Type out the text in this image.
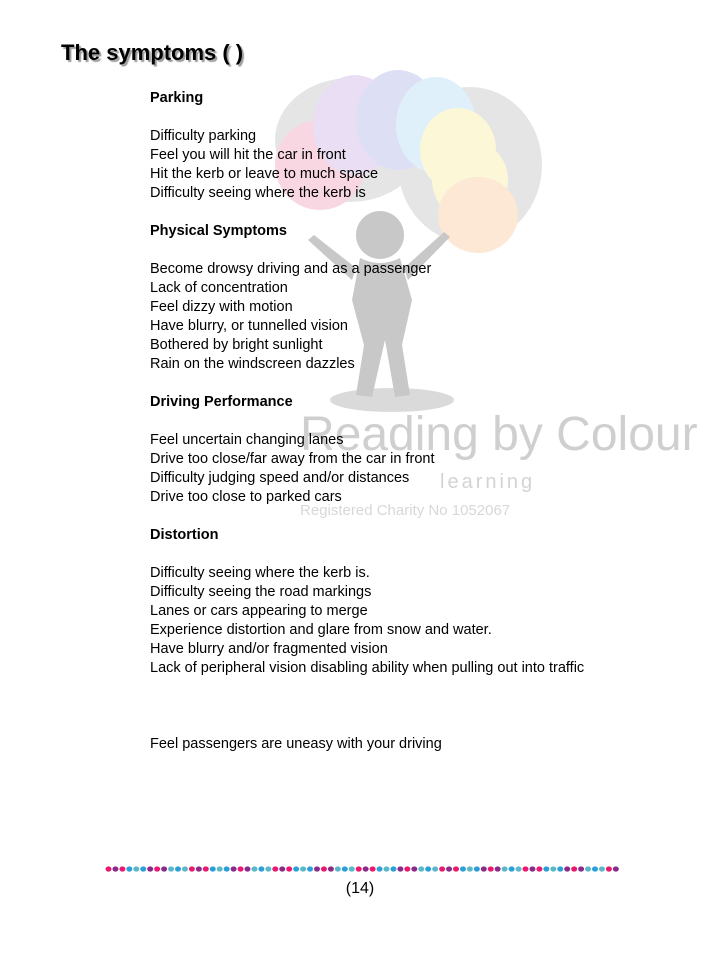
The symptoms ( )
Reading by Colour
learning
Registered Charity No 1052067
Parking
Difficulty parking
Feel you will hit the car in front
Hit the kerb or leave to much space
Difficulty seeing where the kerb is
Physical Symptoms
Become drowsy driving and as a passenger
Lack of concentration
Feel dizzy with motion
Have blurry, or tunnelled vision
Bothered by bright sunlight
Rain on the windscreen dazzles
Driving Performance
Feel uncertain changing lanes
Drive too close/far away from the car in front
Difficulty judging speed and/or distances
Drive too close to parked cars
Distortion
Difficulty seeing where the kerb is.
Difficulty seeing the road markings
Lanes or cars appearing to merge
Experience distortion and glare from snow and water.
Have blurry and/or fragmented vision
Lack of peripheral vision disabling ability when pulling out into traffic
Feel passengers are uneasy with your driving
(14)
